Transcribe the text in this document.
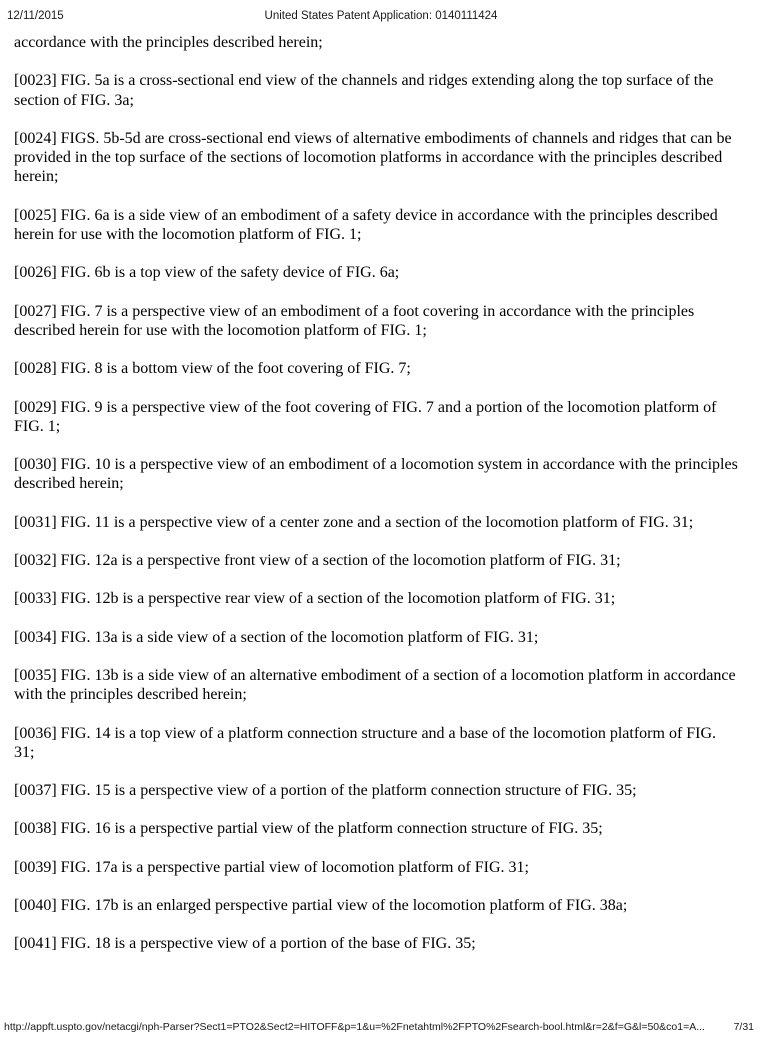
12/11/2015	United States Patent Application: 0140111424

accordance with the principles described herein;

[0023] FIG. 5a is a cross-sectional end view of the channels and ridges extending along the top surface of the section of FIG. 3a;

[0024] FIGS. 5b-5d are cross-sectional end views of alternative embodiments of channels and ridges that can be provided in the top surface of the sections of locomotion platforms in accordance with the principles described herein;

[0025] FIG. 6a is a side view of an embodiment of a safety device in accordance with the principles described herein for use with the locomotion platform of FIG. 1;

[0026] FIG. 6b is a top view of the safety device of FIG. 6a;

[0027] FIG. 7 is a perspective view of an embodiment of a foot covering in accordance with the principles described herein for use with the locomotion platform of FIG. 1;

[0028] FIG. 8 is a bottom view of the foot covering of FIG. 7;

[0029] FIG. 9 is a perspective view of the foot covering of FIG. 7 and a portion of the locomotion platform of FIG. 1;

[0030] FIG. 10 is a perspective view of an embodiment of a locomotion system in accordance with the principles described herein;

[0031] FIG. 11 is a perspective view of a center zone and a section of the locomotion platform of FIG. 31;

[0032] FIG. 12a is a perspective front view of a section of the locomotion platform of FIG. 31;

[0033] FIG. 12b is a perspective rear view of a section of the locomotion platform of FIG. 31;

[0034] FIG. 13a is a side view of a section of the locomotion platform of FIG. 31;

[0035] FIG. 13b is a side view of an alternative embodiment of a section of a locomotion platform in accordance with the principles described herein;

[0036] FIG. 14 is a top view of a platform connection structure and a base of the locomotion platform of FIG. 31;

[0037] FIG. 15 is a perspective view of a portion of the platform connection structure of FIG. 35;

[0038] FIG. 16 is a perspective partial view of the platform connection structure of FIG. 35;

[0039] FIG. 17a is a perspective partial view of locomotion platform of FIG. 31;

[0040] FIG. 17b is an enlarged perspective partial view of the locomotion platform of FIG. 38a;

[0041] FIG. 18 is a perspective view of a portion of the base of FIG. 35;

http://appft.uspto.gov/netacgi/nph-Parser?Sect1=PTO2&Sect2=HITOFF&p=1&u=%2Fnetahtml%2FPTO%2Fsearch-bool.html&r=2&f=G&l=50&co1=A...	7/31
